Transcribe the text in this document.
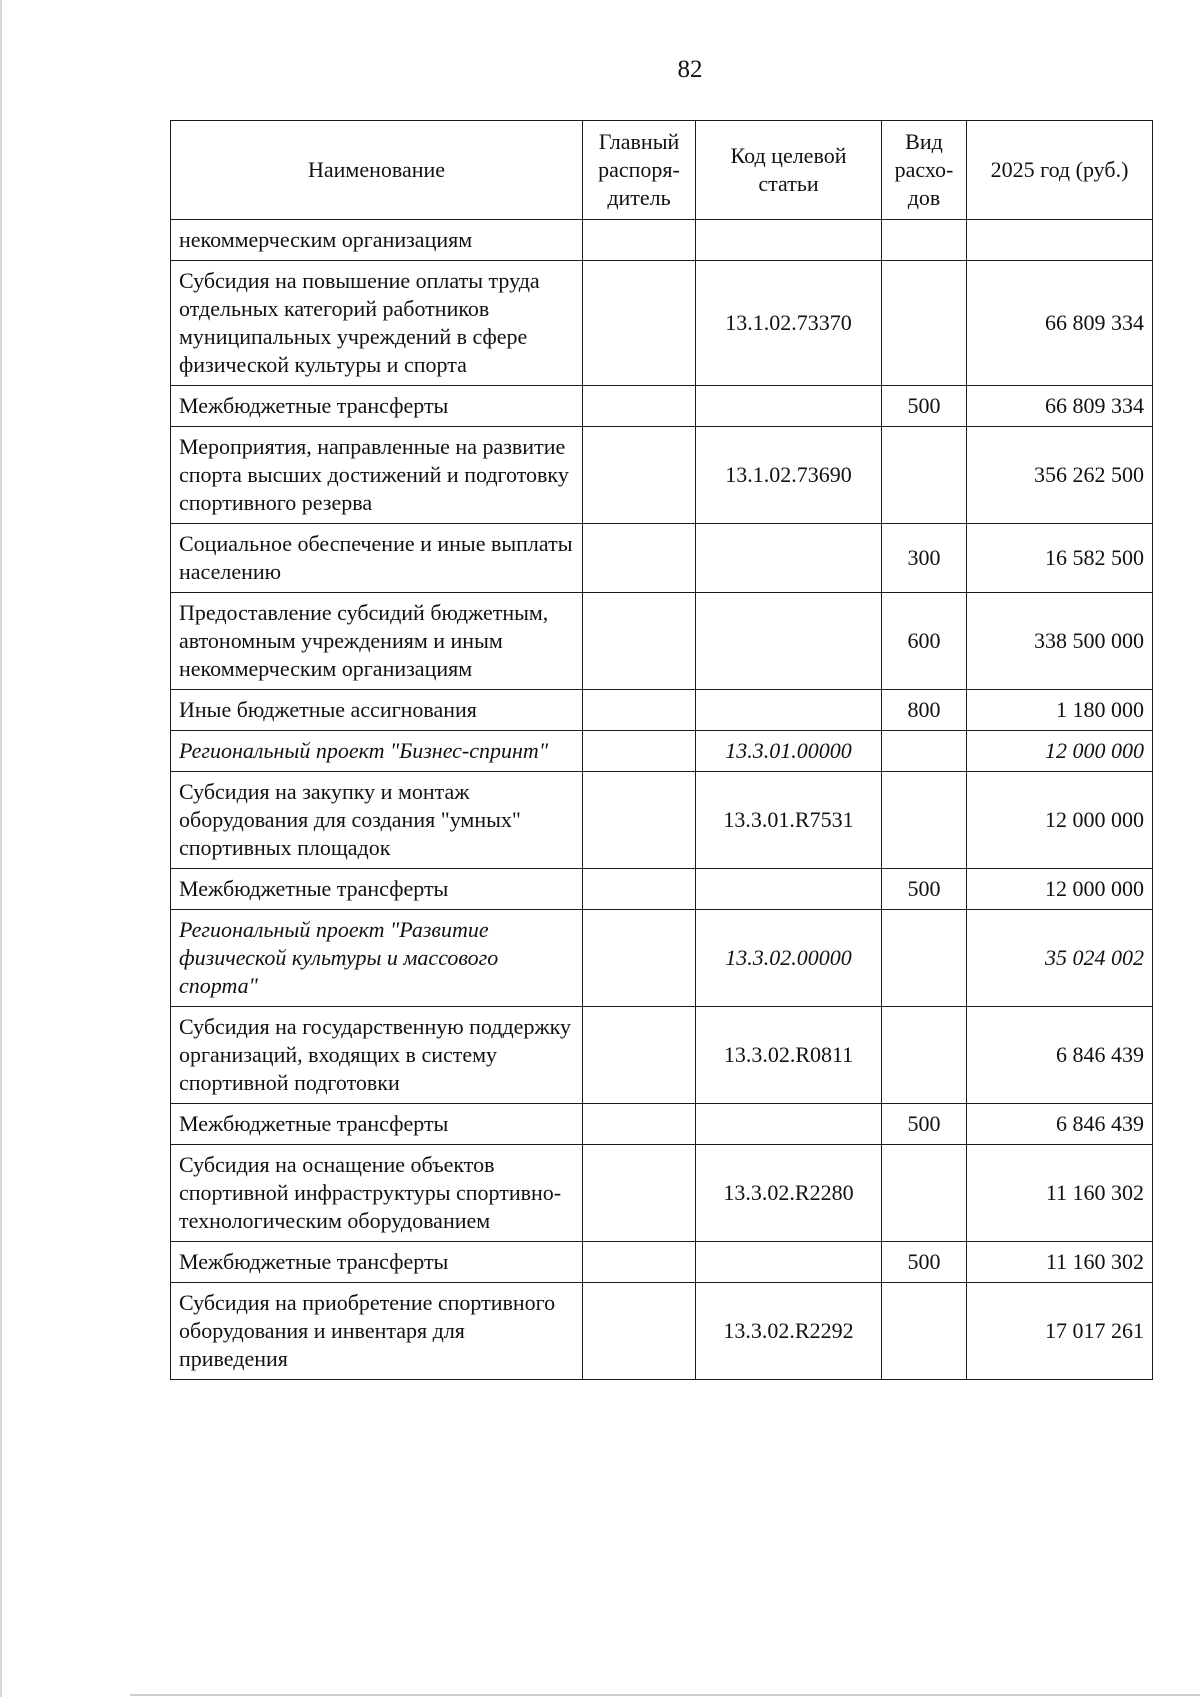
82
Наименование	Главный распоря-дитель	Код целевой статьи	Вид расхо-дов	2025 год (руб.)
некоммерческим организациям				
Субсидия на повышение оплаты труда отдельных категорий работников муниципальных учреждений в сфере физической культуры и спорта		13.1.02.73370		66 809 334
Межбюджетные трансферты			500	66 809 334
Мероприятия, направленные на развитие спорта высших достижений и подготовку спортивного резерва		13.1.02.73690		356 262 500
Социальное обеспечение и иные выплаты населению			300	16 582 500
Предоставление субсидий бюджетным, автономным учреждениям и иным некоммерческим организациям			600	338 500 000
Иные бюджетные ассигнования			800	1 180 000
Региональный проект "Бизнес-спринт"		13.3.01.00000		12 000 000
Субсидия на закупку и монтаж оборудования для создания "умных" спортивных площадок		13.3.01.R7531		12 000 000
Межбюджетные трансферты			500	12 000 000
Региональный проект "Развитие физической культуры и массового спорта"		13.3.02.00000		35 024 002
Субсидия на государственную поддержку организаций, входящих в систему спортивной подготовки		13.3.02.R0811		6 846 439
Межбюджетные трансферты			500	6 846 439
Субсидия на оснащение объектов спортивной инфраструктуры спортивно-технологическим оборудованием		13.3.02.R2280		11 160 302
Межбюджетные трансферты			500	11 160 302
Субсидия на приобретение спортивного оборудования и инвентаря для приведения		13.3.02.R2292		17 017 261
